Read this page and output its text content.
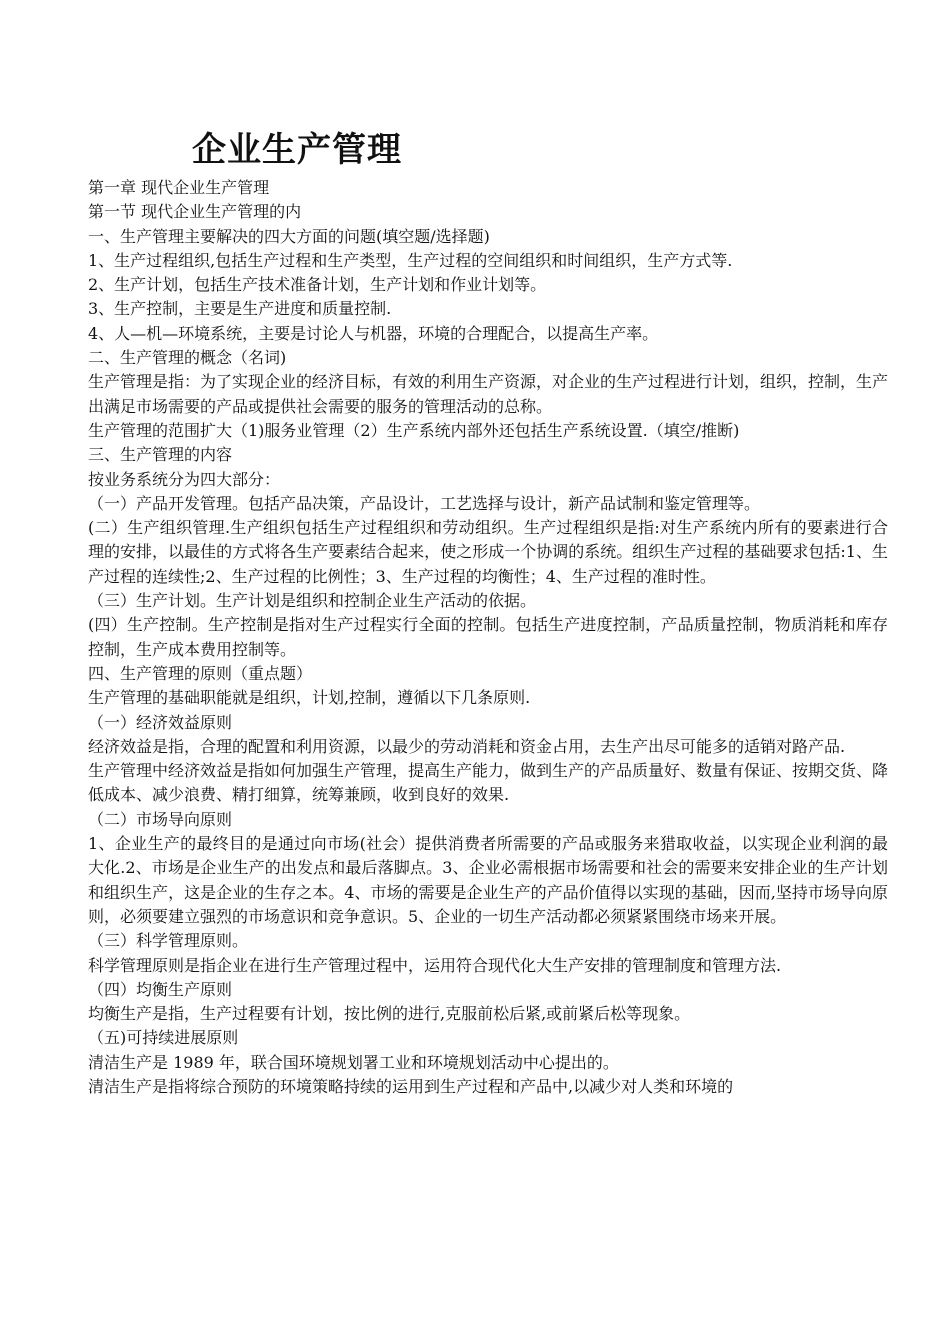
企业生产管理

第一章 现代企业生产管理

第一节 现代企业生产管理的内

一、生产管理主要解决的四大方面的问题(填空题/选择题)

1、生产过程组织,包括生产过程和生产类型，生产过程的空间组织和时间组织，生产方式等.

2、生产计划，包括生产技术准备计划，生产计划和作业计划等。

3、生产控制，主要是生产进度和质量控制.

4、人—机—环境系统，主要是讨论人与机器，环境的合理配合，以提高生产率。

二、生产管理的概念（名词)

生产管理是指：为了实现企业的经济目标，有效的利用生产资源，对企业的生产过程进行计划，组织，控制，生产出满足市场需要的产品或提供社会需要的服务的管理活动的总称。

生产管理的范围扩大（1)服务业管理（2）生产系统内部外还包括生产系统设置.（填空/推断)

三、生产管理的内容

按业务系统分为四大部分：

（一）产品开发管理。包括产品决策，产品设计，工艺选择与设计，新产品试制和鉴定管理等。

(二）生产组织管理.生产组织包括生产过程组织和劳动组织。生产过程组织是指:对生产系统内所有的要素进行合理的安排，以最佳的方式将各生产要素结合起来，使之形成一个协调的系统。组织生产过程的基础要求包括:1、生产过程的连续性;2、生产过程的比例性；3、生产过程的均衡性；4、生产过程的准时性。

（三）生产计划。生产计划是组织和控制企业生产活动的依据。

(四）生产控制。生产控制是指对生产过程实行全面的控制。包括生产进度控制，产品质量控制，物质消耗和库存控制，生产成本费用控制等。

四、生产管理的原则（重点题）

生产管理的基础职能就是组织，计划,控制，遵循以下几条原则.

（一）经济效益原则

经济效益是指，合理的配置和利用资源，以最少的劳动消耗和资金占用，去生产出尽可能多的适销对路产品.

生产管理中经济效益是指如何加强生产管理，提高生产能力，做到生产的产品质量好、数量有保证、按期交货、降低成本、减少浪费、精打细算，统筹兼顾，收到良好的效果.

（二）市场导向原则

1、企业生产的最终目的是通过向市场(社会）提供消费者所需要的产品或服务来猎取收益，以实现企业利润的最大化.2、市场是企业生产的出发点和最后落脚点。3、企业必需根据市场需要和社会的需要来安排企业的生产计划和组织生产，这是企业的生存之本。4、市场的需要是企业生产的产品价值得以实现的基础，因而,坚持市场导向原则，必须要建立强烈的市场意识和竞争意识。5、企业的一切生产活动都必须紧紧围绕市场来开展。

（三）科学管理原则。

科学管理原则是指企业在进行生产管理过程中，运用符合现代化大生产安排的管理制度和管理方法.

（四）均衡生产原则

均衡生产是指，生产过程要有计划，按比例的进行,克服前松后紧,或前紧后松等现象。

（五)可持续进展原则

清洁生产是 1989 年，联合国环境规划署工业和环境规划活动中心提出的。

清洁生产是指将综合预防的环境策略持续的运用到生产过程和产品中,以减少对人类和环境的
